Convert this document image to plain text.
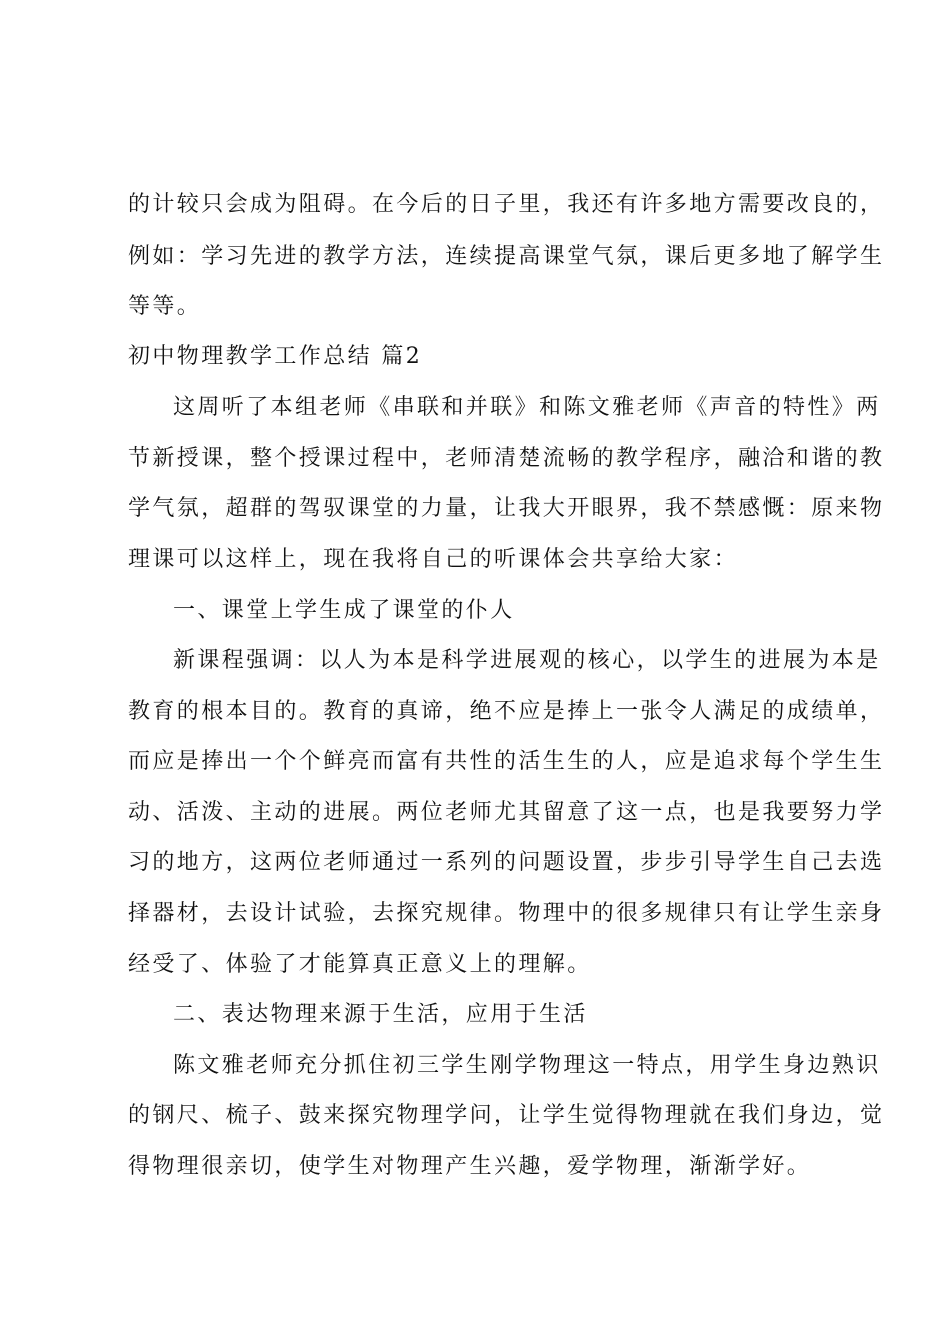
的计较只会成为阻碍。在今后的日子里，我还有许多地方需要改良的，
例如：学习先进的教学方法，连续提高课堂气氛，课后更多地了解学生
等等。
初中物理教学工作总结 篇2
这周听了本组老师《串联和并联》和陈文雅老师《声音的特性》两
节新授课，整个授课过程中，老师清楚流畅的教学程序，融洽和谐的教
学气氛，超群的驾驭课堂的力量，让我大开眼界，我不禁感慨：原来物
理课可以这样上，现在我将自己的听课体会共享给大家：
一、课堂上学生成了课堂的仆人
新课程强调：以人为本是科学进展观的核心，以学生的进展为本是
教育的根本目的。教育的真谛，绝不应是捧上一张令人满足的成绩单，
而应是捧出一个个鲜亮而富有共性的活生生的人，应是追求每个学生生
动、活泼、主动的进展。两位老师尤其留意了这一点，也是我要努力学
习的地方，这两位老师通过一系列的问题设置，步步引导学生自己去选
择器材，去设计试验，去探究规律。物理中的很多规律只有让学生亲身
经受了、体验了才能算真正意义上的理解。
二、表达物理来源于生活，应用于生活
陈文雅老师充分抓住初三学生刚学物理这一特点，用学生身边熟识
的钢尺、梳子、鼓来探究物理学问，让学生觉得物理就在我们身边，觉
得物理很亲切，使学生对物理产生兴趣，爱学物理，渐渐学好。
